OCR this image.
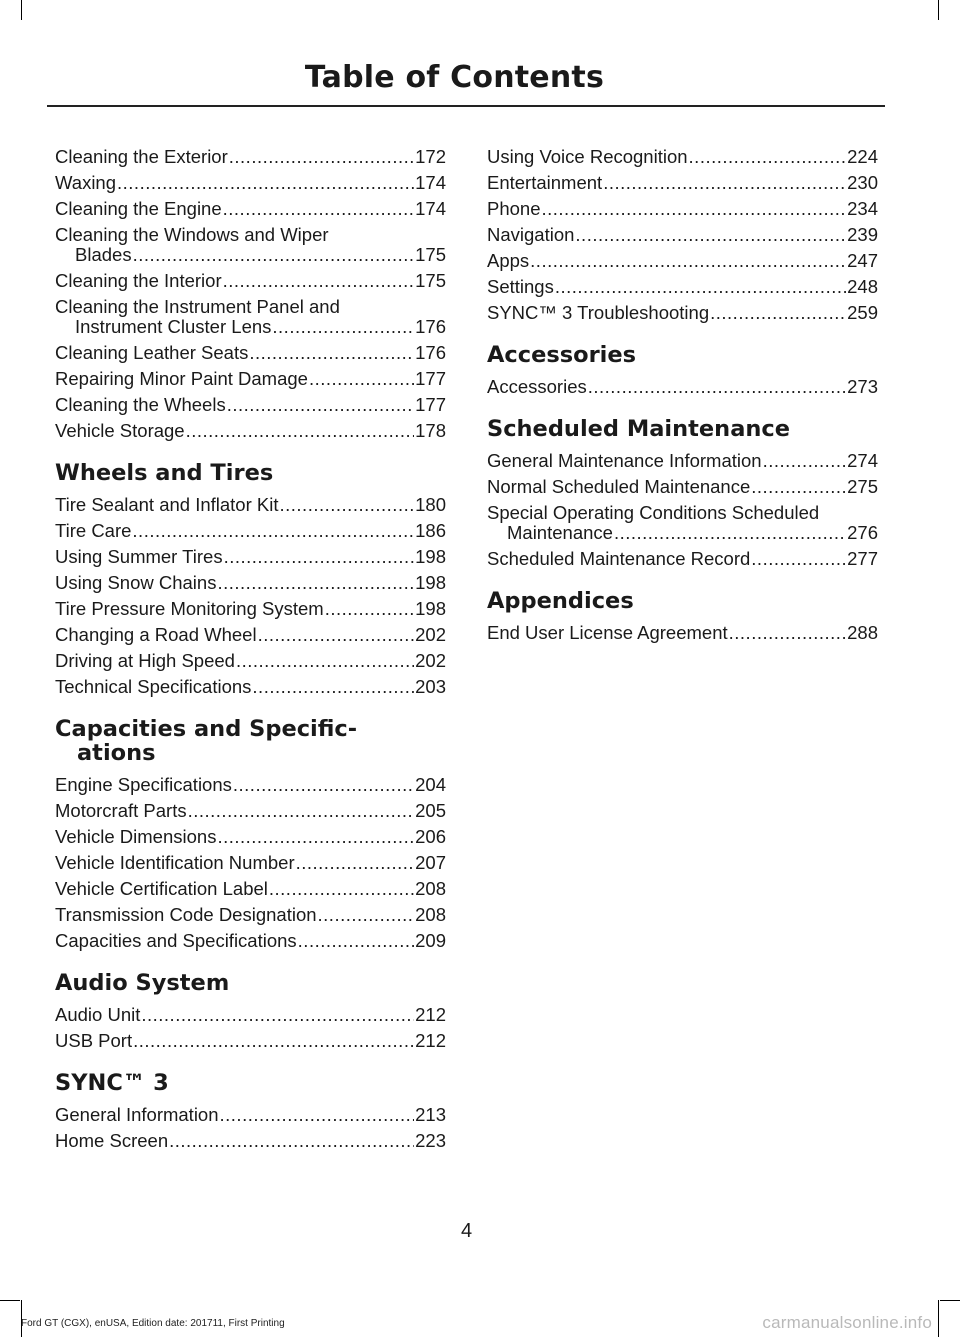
Table of Contents
Cleaning the Exterior .....	172
Waxing .....	174
Cleaning the Engine .....	174
Cleaning the Windows and Wiper
Blades .....	175
Cleaning the Interior .....	175
Cleaning the Instrument Panel and
Instrument Cluster Lens .....	176
Cleaning Leather Seats .....	176
Repairing Minor Paint Damage .....	177
Cleaning the Wheels .....	177
Vehicle Storage .....	178
Wheels and Tires
Tire Sealant and Inflator Kit .....	180
Tire Care .....	186
Using Summer Tires .....	198
Using Snow Chains .....	198
Tire Pressure Monitoring System .....	198
Changing a Road Wheel .....	202
Driving at High Speed .....	202
Technical Specifications .....	203
Capacities and Specific-
ations
Engine Specifications .....	204
Motorcraft Parts .....	205
Vehicle Dimensions .....	206
Vehicle Identification Number .....	207
Vehicle Certification Label .....	208
Transmission Code Designation .....	208
Capacities and Specifications .....	209
Audio System
Audio Unit .....	212
USB Port .....	212
SYNC™ 3
General Information .....	213
Home Screen .....	223
Using Voice Recognition .....	224
Entertainment .....	230
Phone .....	234
Navigation .....	239
Apps .....	247
Settings .....	248
SYNC™ 3 Troubleshooting .....	259
Accessories
Accessories .....	273
Scheduled Maintenance
General Maintenance Information .....	274
Normal Scheduled Maintenance .....	275
Special Operating Conditions Scheduled
Maintenance .....	276
Scheduled Maintenance Record .....	277
Appendices
End User License Agreement .....	288
4
Ford GT (CGX), enUSA, Edition date: 201711, First Printing	carmanualsonline.info
